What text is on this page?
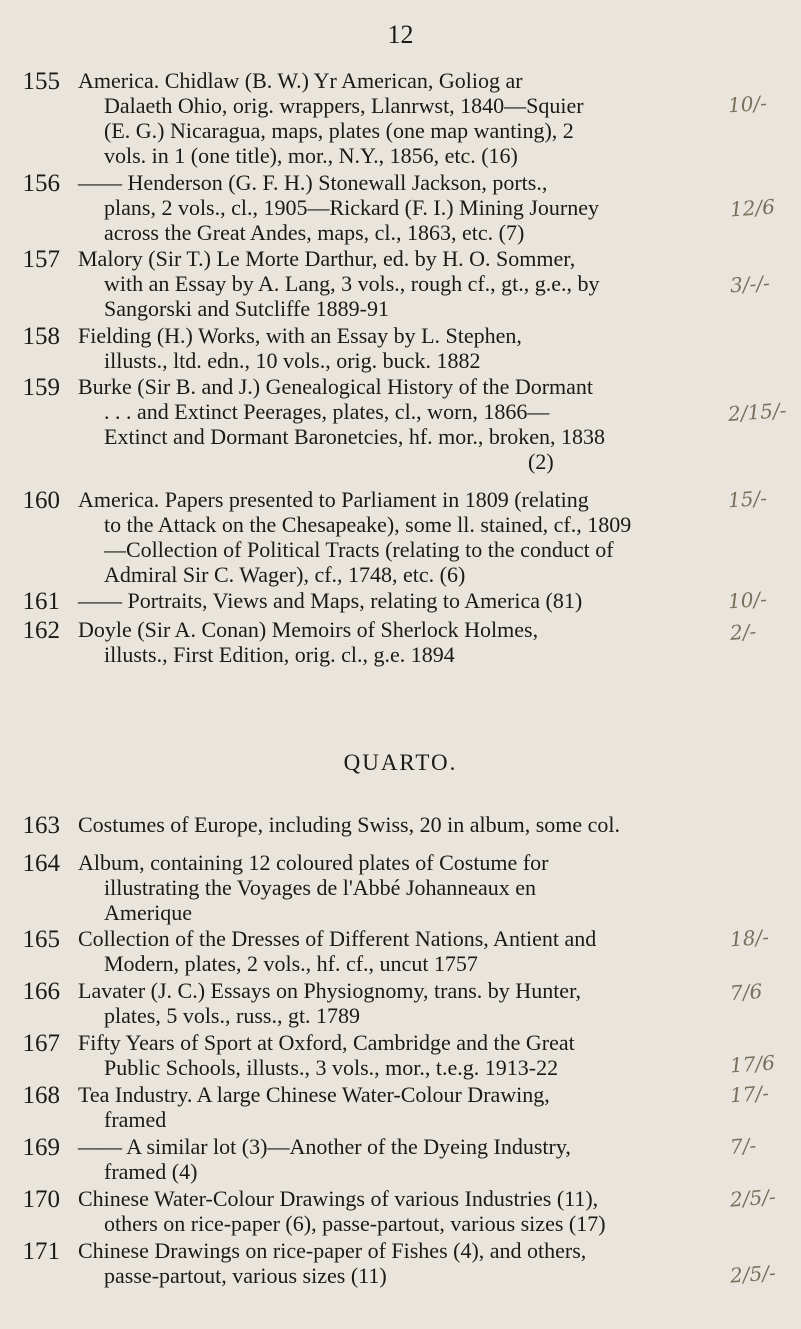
12
155 America. Chidlaw (B. W.) Yr American, Goliog ar
Dalaeth Ohio, orig. wrappers, Llanrwst, 1840—Squier
(E. G.) Nicaragua, maps, plates (one map wanting), 2
vols. in 1 (one title), mor., N.Y., 1856, etc. (16)
10/-
156 —— Henderson (G. F. H.) Stonewall Jackson, ports.,
plans, 2 vols., cl., 1905—Rickard (F. I.) Mining Journey
across the Great Andes, maps, cl., 1863, etc. (7)
12/6
157 Malory (Sir T.) Le Morte Darthur, ed. by H. O. Sommer,
with an Essay by A. Lang, 3 vols., rough cf., gt., g.e., by
Sangorski and Sutcliffe 1889-91
3/-/-
158 Fielding (H.) Works, with an Essay by L. Stephen,
illusts., ltd. edn., 10 vols., orig. buck. 1882
159 Burke (Sir B. and J.) Genealogical History of the Dormant
. . . and Extinct Peerages, plates, cl., worn, 1866—
Extinct and Dormant Baronetcies, hf. mor., broken, 1838
(2)
2/15/-
160 America. Papers presented to Parliament in 1809 (relating
to the Attack on the Chesapeake), some ll. stained, cf., 1809
—Collection of Political Tracts (relating to the conduct of
Admiral Sir C. Wager), cf., 1748, etc. (6)
15/-
161 —— Portraits, Views and Maps, relating to America (81)	10/-
162 Doyle (Sir A. Conan) Memoirs of Sherlock Holmes,
illusts., First Edition, orig. cl., g.e. 1894
2/-
QUARTO.
163 Costumes of Europe, including Swiss, 20 in album, some col.
164 Album, containing 12 coloured plates of Costume for
illustrating the Voyages de l'Abbé Johanneaux en
Amerique
165 Collection of the Dresses of Different Nations, Antient and
Modern, plates, 2 vols., hf. cf., uncut 1757
18/-
166 Lavater (J. C.) Essays on Physiognomy, trans. by Hunter,
plates, 5 vols., russ., gt. 1789
7/6
167 Fifty Years of Sport at Oxford, Cambridge and the Great
Public Schools, illusts., 3 vols., mor., t.e.g. 1913-22	17/6
168 Tea Industry. A large Chinese Water-Colour Drawing,
framed
17/-
169 —— A similar lot (3)—Another of the Dyeing Industry,
framed (4)
7/-
170 Chinese Water-Colour Drawings of various Industries (11),
others on rice-paper (6), passe-partout, various sizes (17)
2/5/-
171 Chinese Drawings on rice-paper of Fishes (4), and others,
passe-partout, various sizes (11)	2/5/-
